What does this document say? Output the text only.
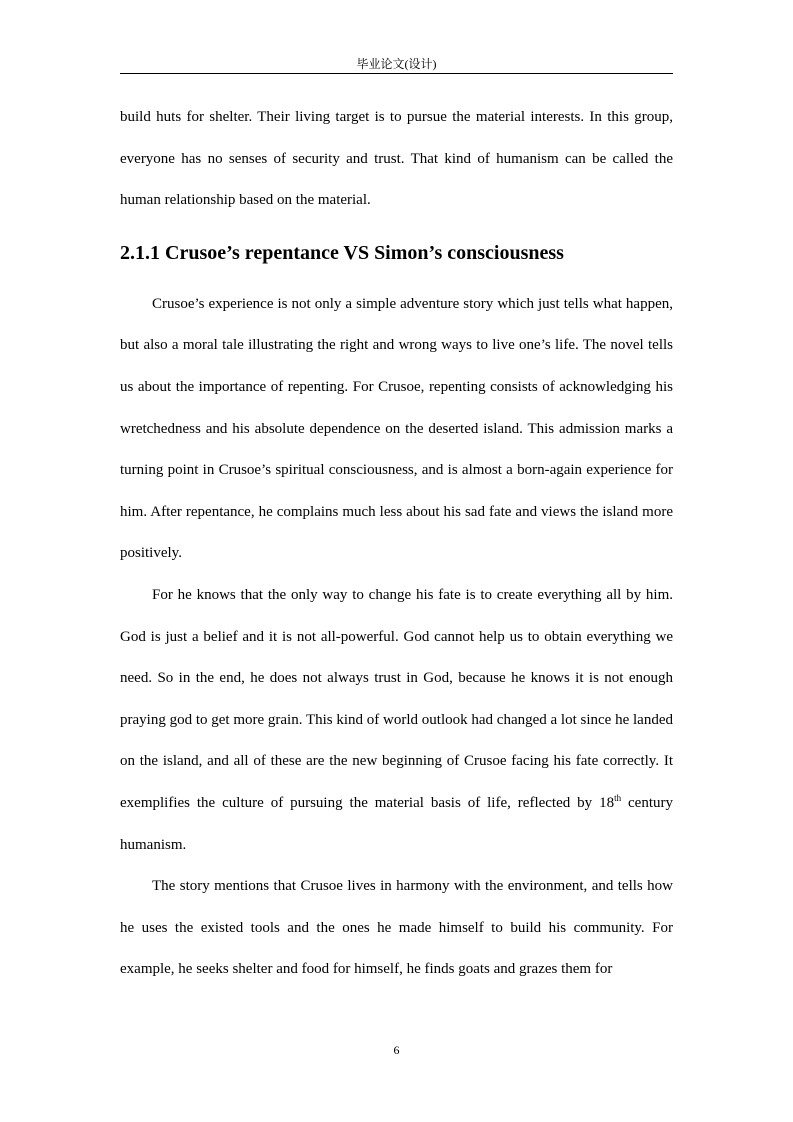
毕业论文(设计)

build huts for shelter. Their living target is to pursue the material interests. In this group, everyone has no senses of security and trust. That kind of humanism can be called the human relationship based on the material.

2.1.1 Crusoe’s repentance VS Simon’s consciousness

Crusoe’s experience is not only a simple adventure story which just tells what happen, but also a moral tale illustrating the right and wrong ways to live one’s life. The novel tells us about the importance of repenting. For Crusoe, repenting consists of acknowledging his wretchedness and his absolute dependence on the deserted island. This admission marks a turning point in Crusoe’s spiritual consciousness, and is almost a born-again experience for him. After repentance, he complains much less about his sad fate and views the island more positively.

For he knows that the only way to change his fate is to create everything all by him. God is just a belief and it is not all-powerful. God cannot help us to obtain everything we need. So in the end, he does not always trust in God, because he knows it is not enough praying god to get more grain. This kind of world outlook had changed a lot since he landed on the island, and all of these are the new beginning of Crusoe facing his fate correctly. It exemplifies the culture of pursuing the material basis of life, reflected by 18th century humanism.

The story mentions that Crusoe lives in harmony with the environment, and tells how he uses the existed tools and the ones he made himself to build his community. For example, he seeks shelter and food for himself, he finds goats and grazes them for

6
